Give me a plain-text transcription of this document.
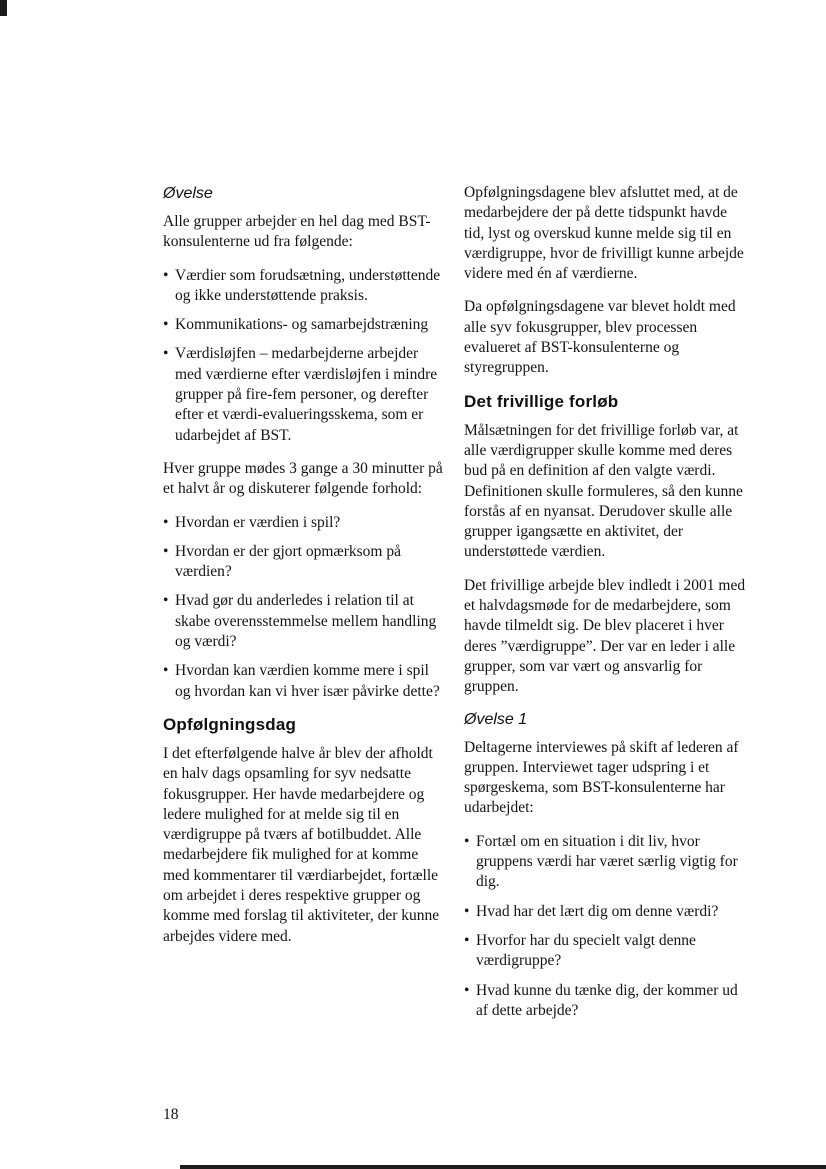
Øvelse

Alle grupper arbejder en hel dag med BST-konsulenterne ud fra følgende:

• Værdier som forudsætning, understøttende og ikke understøttende praksis.
• Kommunikations- og samarbejdstræning
• Værdisløjfen – medarbejderne arbejder med værdierne efter værdisløjfen i mindre grupper på fire-fem personer, og derefter efter et værdi-evalueringsskema, som er udarbejdet af BST.

Hver gruppe mødes 3 gange a 30 minutter på et halvt år og diskuterer følgende forhold:

• Hvordan er værdien i spil?
• Hvordan er der gjort opmærksom på værdien?
• Hvad gør du anderledes i relation til at skabe overensstemmelse mellem handling og værdi?
• Hvordan kan værdien komme mere i spil og hvordan kan vi hver især påvirke dette?
Opfølgningsdag

I det efterfølgende halve år blev der afholdt en halv dags opsamling for syv nedsatte fokusgrupper. Her havde medarbejdere og ledere mulighed for at melde sig til en værdigruppe på tværs af botilbuddet. Alle medarbejdere fik mulighed for at komme med kommentarer til værdiarbejdet, fortælle om arbejdet i deres respektive grupper og komme med forslag til aktiviteter, der kunne arbejdes videre med.

Opfølgningsdagene blev afsluttet med, at de medarbejdere der på dette tidspunkt havde tid, lyst og overskud kunne melde sig til en værdigruppe, hvor de frivilligt kunne arbejde videre med én af værdierne.

Da opfølgningsdagene var blevet holdt med alle syv fokusgrupper, blev processen evalueret af BST-konsulenterne og styregruppen.

Det frivillige forløb

Målsætningen for det frivillige forløb var, at alle værdigrupper skulle komme med deres bud på en definition af den valgte værdi. Definitionen skulle formuleres, så den kunne forstås af en nyansat. Derudover skulle alle grupper igangsætte en aktivitet, der understøttede værdien.

Det frivillige arbejde blev indledt i 2001 med et halvdagsmøde for de medarbejdere, som havde tilmeldt sig. De blev placeret i hver deres ”værdigruppe”. Der var en leder i alle grupper, som var vært og ansvarlig for gruppen.

Øvelse 1

Deltagerne interviewes på skift af lederen af gruppen. Interviewet tager udspring i et spørgeskema, som BST-konsulenterne har udarbejdet:

• Fortæl om en situation i dit liv, hvor gruppens værdi har været særlig vigtig for dig.
• Hvad har det lært dig om denne værdi?
• Hvorfor har du specielt valgt denne værdigruppe?
• Hvad kunne du tænke dig, der kommer ud af dette arbejde?
18
